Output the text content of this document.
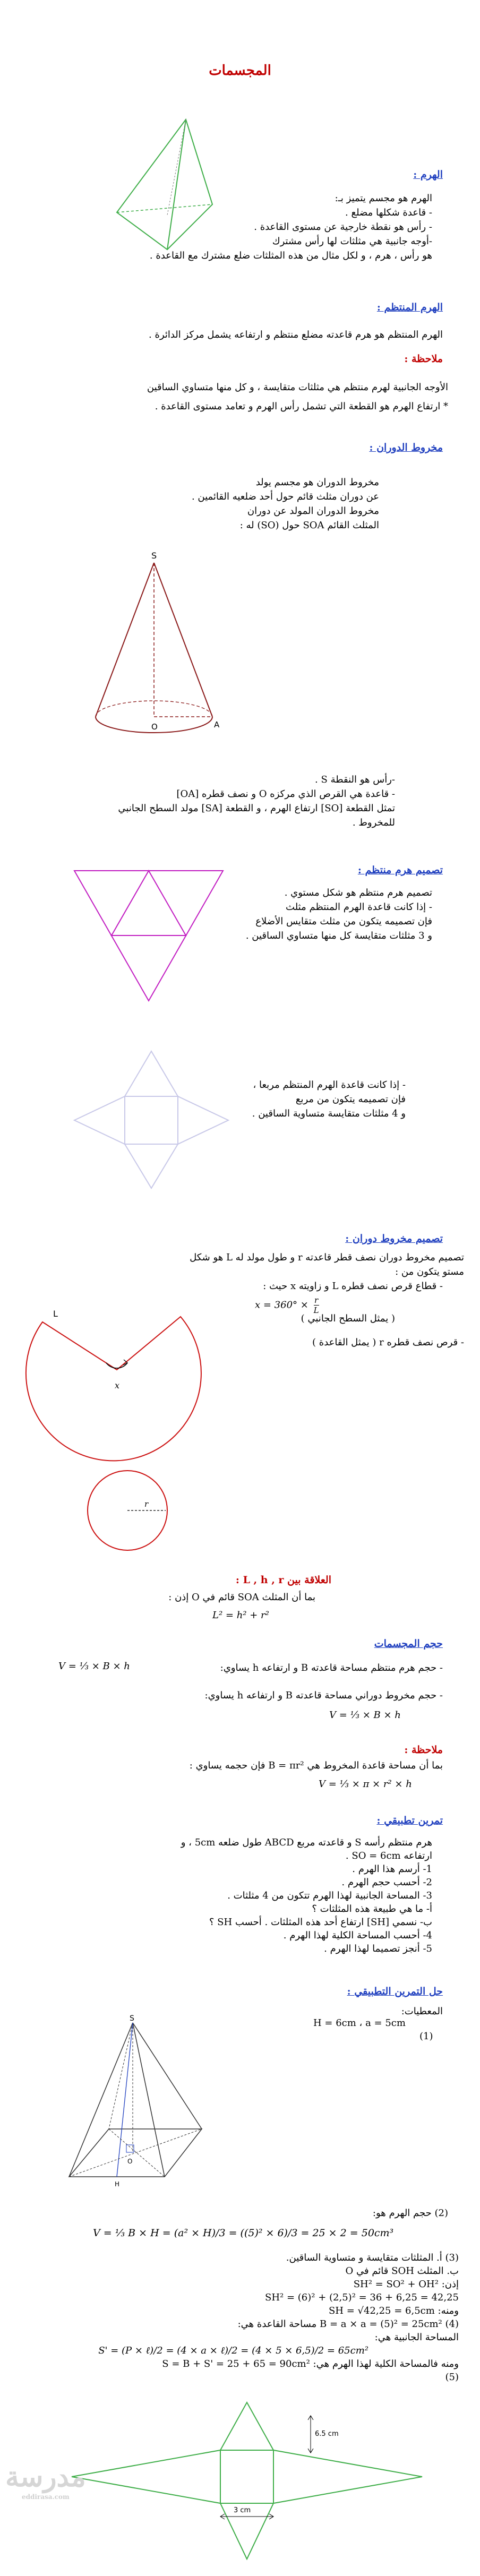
المجسمات
الهرم :
الهرم هو مجسم يتميز بـ:
- قاعدة شكلها مضلع .
- رأس هو نقطة خارجية عن مستوى القاعدة .
-أوجه جانبية هي مثلثات لها رأس مشترك
هو رأس ، هرم ، و لكل مثال من هذه المثلثات ضلع مشترك مع القاعدة .
الهرم المنتظم :
الهرم المنتظم هو هرم قاعدته مضلع منتظم و ارتفاعه يشمل مركز الدائرة .
ملاحظة :
الأوجه الجانبية لهرم منتظم هي مثلثات متقايسة ، و كل منها متساوي الساقين
* ارتفاع الهرم هو القطعة التي تشمل رأس الهرم و تعامد مستوى القاعدة .
مخروط الدوران :
مخروط الدوران هو مجسم يولد
عن دوران مثلث قائم حول أحد ضلعيه القائمين .
مخروط الدوران المولد عن دوران
المثلث القائم SOA حول (SO) له :
S
O	A
-رأس هو النقطة S .
- قاعدة هي القرص الذي مركزه O و نصف قطره [OA]
تمثل القطعة [SO] ارتفاع الهرم ، و القطعة [SA] مولد السطح الجانبي
للمخروط .
تصميم هرم منتظم :
تصميم هرم منتظم هو شكل مستوي .
- إذا كانت قاعدة الهرم المنتظم مثلث
فإن تصميمه يتكون من مثلث متقايس الأضلاع
و 3 مثلثات متقايسة كل منها متساوي الساقين .
- إذا كانت قاعدة الهرم المنتظم مربعا ،
فإن تصميمه يتكون من مربع
و 4 مثلثات متقايسة متساوية الساقين .
تصميم مخروط دوران :
تصميم مخروط دوران نصف قطر قاعدته r و طول مولد له L هو شكل
مستو يتكون من :
- قطاع قرص نصف قطره L و زاويته x حيث :
$x = 360^\circ \times \frac{r}{L}$
( يمثل السطح الجانبي )
- قرص نصف قطره r ( يمثل القاعدة )
L
x
r
العلاقة بين L , h , r :
بما أن المثلث SOA قائم في O إذن :
L² = h² + r²
حجم المجسمات
- حجم هرم منتظم مساحة قاعدته B و ارتفاعه h يساوي:
V = ⅓ × B × h
- حجم مخروط دوراني مساحة قاعدته B و ارتفاعه h يساوي:
V = ⅓ × B × h
ملاحظة :
بما أن مساحة قاعدة المخروط هي B = πr² فإن حجمه يساوي :
V = ⅓ × π × r² × h
تمرين تطبيقي :
هرم منتظم رأسه S و قاعدته مربع ABCD طول ضلعه 5cm ، و
ارتفاعه SO = 6cm .
1- أرسم هذا الهرم .
2- أحسب حجم الهرم .
3- المساحة الجانبية لهذا الهرم تتكون من 4 مثلثات .
أ- ما هي طبيعة هذه المثلثات ؟
ب- نسمي [SH] ارتفاع أحد هذه المثلثات . أحسب SH ؟
4- أحسب المساحة الكلية لهذا الهرم .
5- أنجز تصميما لهذا الهرم .
حل التمرين التطبيقي :
المعطيات:
H = 6cm ، a = 5cm
(1)
S
O
H
(2) حجم الهرم هو:
V = ⅓ B × H = (a² × H)/3 = ((5)² × 6)/3 = 25 × 2 = 50cm³
(3) أ. المثلثات متقايسة و متساوية الساقين.
ب. المثلث SOH قائم في O
إذن: SH² = SO² + OH²
SH² = (6)² + (2,5)² = 36 + 6,25 = 42,25
ومنه: SH = √42,25 = 6,5cm
B = a × a = (5)² = 25cm² (4) مساحة القاعدة هي:
المساحة الجانبية هي:
S' = (P × ℓ)/2 = (4 × a × ℓ)/2 = (4 × 5 × 6,5)/2 = 65cm²
ومنه فالمساحة الكلية لهذا الهرم هي: S = B + S' = 25 + 65 = 90cm²
(5)
6.5 cm
3 cm
مدرسة
eddirasa.com
